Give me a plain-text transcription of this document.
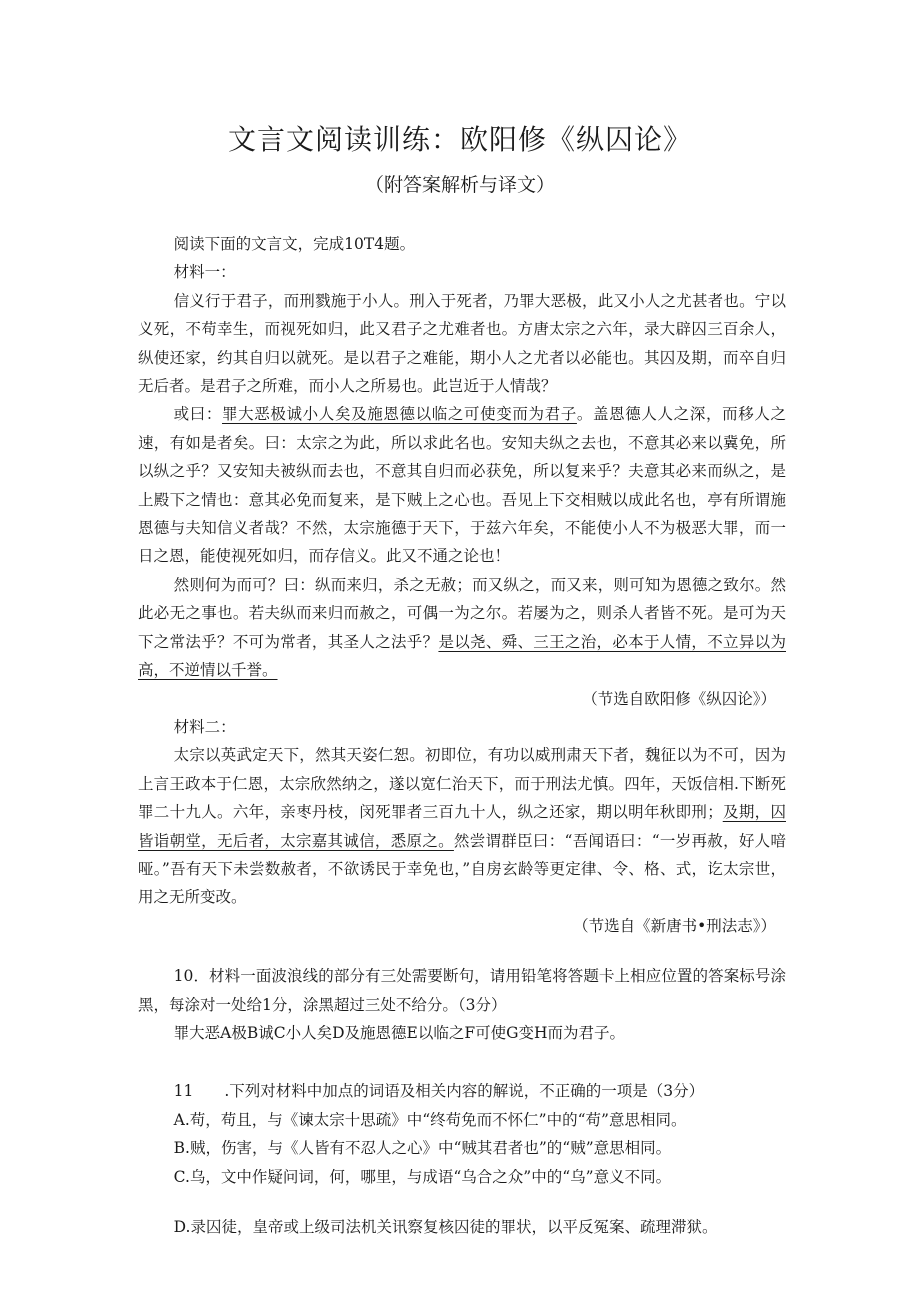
文言文阅读训练：欧阳修《纵囚论》
（附答案解析与译文）

阅读下面的文言文，完成10T4题。

材料一：

信义行于君子，而刑戮施于小人。刑入于死者，乃罪大恶极，此又小人之尤甚者也。宁以义死，不苟幸生，而视死如归，此又君子之尤难者也。方唐太宗之六年，录大辟囚三百余人，纵使还家，约其自归以就死。是以君子之难能，期小人之尤者以必能也。其囚及期，而卒自归无后者。是君子之所难，而小人之所易也。此岂近于人情哉？

或曰：罪大恶极诚小人矣及施恩德以临之可使变而为君子。盖恩德人人之深，而移人之速，有如是者矣。曰：太宗之为此，所以求此名也。安知夫纵之去也，不意其必来以冀免，所以纵之乎？又安知夫被纵而去也，不意其自归而必获免，所以复来乎？夫意其必来而纵之，是上殿下之情也：意其必免而复来，是下贼上之心也。吾见上下交相贼以成此名也，亭有所谓施恩德与夫知信义者哉？不然，太宗施德于天下，于兹六年矣，不能使小人不为极恶大罪，而一日之恩，能使视死如归，而存信义。此又不通之论也！

然则何为而可？曰：纵而来归，杀之无赦；而又纵之，而又来，则可知为恩德之致尔。然此必无之事也。若夫纵而来归而赦之，可偶一为之尔。若屡为之，则杀人者皆不死。是可为天下之常法乎？不可为常者，其圣人之法乎？是以尧、舜、三王之治，必本于人情，不立异以为高，不逆情以千誉。

（节选自欧阳修《纵囚论》）

材料二：

太宗以英武定天下，然其天姿仁恕。初即位，有功以威刑肃天下者，魏征以为不可，因为上言王政本于仁恩，太宗欣然纳之，遂以宽仁治天下，而于刑法尤慎。四年，天饭信相.下断死罪二十九人。六年，亲枣丹枝，闵死罪者三百九十人，纵之还家，期以明年秋即刑；及期，囚皆诣朝堂，无后者，太宗嘉其诚信，悉原之。然尝谓群臣曰：“吾闻语曰：“一岁再赦，好人喑哑。”吾有天下未尝数赦者，不欲诱民于幸免也，”自房玄龄等更定律、令、格、式，讫太宗世，用之无所变改。

（节选自《新唐书•刑法志》）

10．材料一面波浪线的部分有三处需要断句，请用铅笔将答题卡上相应位置的答案标号涂黑，每涂对一处给1分，涂黑超过三处不给分。（3分）

罪大恶A极B诚C小人矣D及施恩德E以临之F可使G变H而为君子。

11　　.下列对材料中加点的词语及相关内容的解说，不正确的一项是（3分）

A.苟，苟且，与《谏太宗十思疏》中“终苟免而不怀仁”中的“苟”意思相同。

B.贼，伤害，与《人皆有不忍人之心》中“贼其君者也”的“贼”意思相同。

C.乌，文中作疑问词，何，哪里，与成语“乌合之众”中的“乌”意义不同。

D.录囚徒，皇帝或上级司法机关讯察复核囚徒的罪状，以平反冤案、疏理滞狱。
